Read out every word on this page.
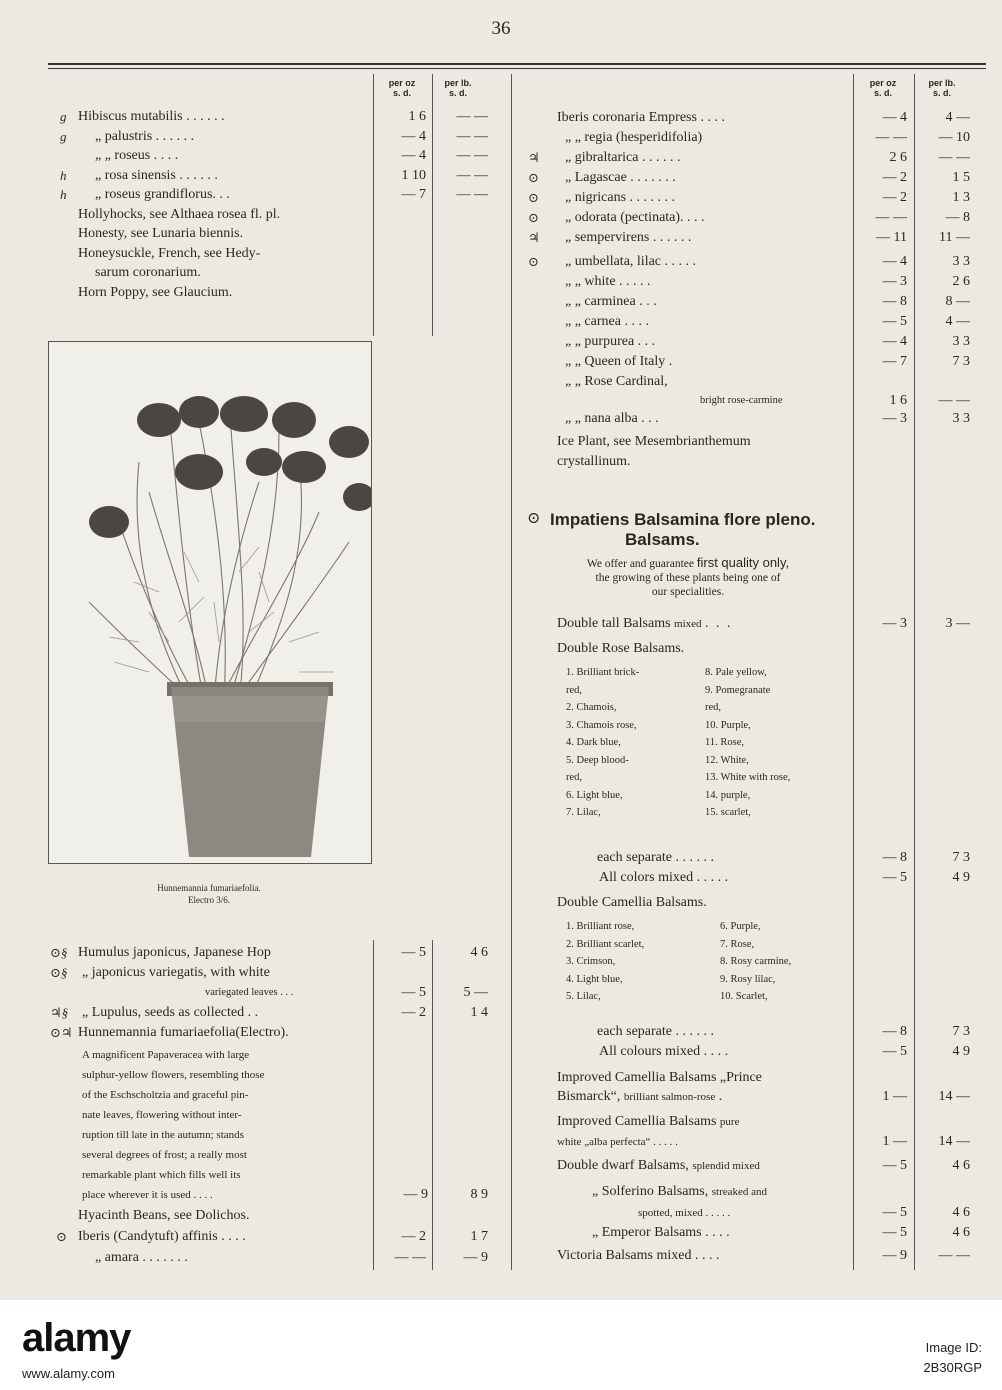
36
per oz
s. d.
per lb.
s. d.
per oz
s. d.
per lb.
s. d.
g Hibiscus mutabilis . . . . . .	1 6	— —
g „ palustris . . . . . .	— 4	— —
„ „ roseus . . . .	— 4	— —
h „ rosa sinensis . . . . . .	1 10	— —
h „ roseus grandiflorus. . .	— 7	— —
Hollyhocks, see Althaea rosea fl. pl.
Honesty, see Lunaria biennis.
Honeysuckle, French, see Hedy-
sarum coronarium.
Horn Poppy, see Glaucium.
Hunnemannia fumariaefolia.
Electro 3/6.
⊙§ Humulus japonicus, Japanese Hop	— 5	4 6
⊙§ „ japonicus variegatis, with white
variegated leaves . . .	— 5	5 —
♃§ „ Lupulus, seeds as collected . .	— 2	1 4
⊙♃ Hunnemannia fumariaefolia(Electro).
A magnificent Papaveracea with large
sulphur-yellow flowers, resembling those
of the Eschscholtzia and graceful pin-
nate leaves, flowering without inter-
ruption till late in the autumn; stands
several degrees of frost; a really most
remarkable plant which fills well its
place wherever it is used . . . .	— 9	8 9
Hyacinth Beans, see Dolichos.
⊙ Iberis (Candytuft) affinis . . . .	— 2	1 7
„ amara . . . . . . .	— —	— 9
Iberis coronaria Empress . . . .	— 4	4 —
„ „ regia (hesperidifolia)	— —	— 10
♃ „ gibraltarica . . . . . .	2 6	— —
⊙ „ Lagascae . . . . . . .	— 2	1 5
⊙ „ nigricans . . . . . . .	— 2	1 3
⊙ „ odorata (pectinata). . . .	— —	— 8
♃ „ sempervirens . . . . . .	— 11	11 —
⊙ „ umbellata, lilac . . . . .	— 4	3 3
„ „ white . . . . .	— 3	2 6
„ „ carminea . . .	— 8	8 —
„ „ carnea . . . .	— 5	4 —
„ „ purpurea . . .	— 4	3 3
„ „ Queen of Italy .	— 7	7 3
„ „ Rose Cardinal,
bright rose-carmine	1 6	— —
„ „ nana alba . . .	— 3	3 3
Ice Plant, see Mesembrianthemum
crystallinum.
⊙ Impatiens Balsamina flore pleno.
Balsams.
We offer and guarantee first quality only,
the growing of these plants being one of
our specialities.
Double tall Balsams mixed . . .	— 3	3 —
Double Rose Balsams.
1. Brilliant brick-
red,
2. Chamois,
3. Chamois rose,
4. Dark blue,
5. Deep blood-
red,
6. Light blue,
7. Lilac,
8. Pale yellow,
9. Pomegranate
red,
10. Purple,
11. Rose,
12. White,
13. White with rose,
14. purple,
15. scarlet,
each separate . . . . . .	— 8	7 3
All colors mixed . . . . .	— 5	4 9
Double Camellia Balsams.
1. Brilliant rose,
2. Brilliant scarlet,
3. Crimson,
4. Light blue,
5. Lilac,
6. Purple,
7. Rose,
8. Rosy carmine,
9. Rosy lilac,
10. Scarlet,
each separate . . . . . .	— 8	7 3
All colours mixed . . . .	— 5	4 9
Improved Camellia Balsams „Prince
Bismarck“, brilliant salmon-rose .	1 —	14 —
Improved Camellia Balsams pure
white „alba perfecta“ . . . . .	1 —	14 —
Double dwarf Balsams, splendid mixed	— 5	4 6
„ Solferino Balsams, streaked and
spotted, mixed . . . . .	— 5	4 6
„ Emperor Balsams . . . .	— 5	4 6
Victoria Balsams mixed . . . .	— 9	— —
alamy
www.alamy.com
Image ID:
2B30RGP
